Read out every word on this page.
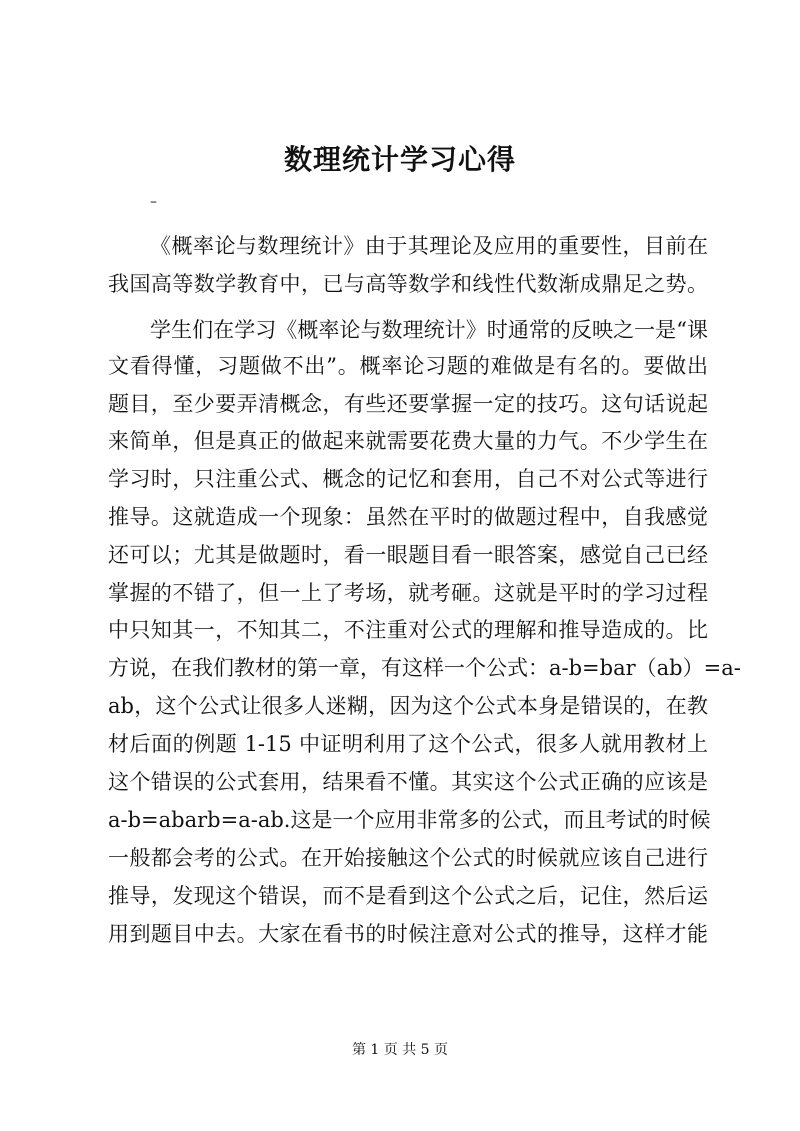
数理统计学习心得
–
《概率论与数理统计》由于其理论及应用的重要性，目前在
我国高等数学教育中，已与高等数学和线性代数渐成鼎足之势。
学生们在学习《概率论与数理统计》时通常的反映之一是“课
文看得懂，习题做不出”。概率论习题的难做是有名的。要做出
题目，至少要弄清概念，有些还要掌握一定的技巧。这句话说起
来简单，但是真正的做起来就需要花费大量的力气。不少学生在
学习时，只注重公式、概念的记忆和套用，自己不对公式等进行
推导。这就造成一个现象：虽然在平时的做题过程中，自我感觉
还可以；尤其是做题时，看一眼题目看一眼答案，感觉自己已经
掌握的不错了，但一上了考场，就考砸。这就是平时的学习过程
中只知其一，不知其二，不注重对公式的理解和推导造成的。比
方说，在我们教材的第一章，有这样一个公式：a-b=bar（ab）=a-
ab，这个公式让很多人迷糊，因为这个公式本身是错误的，在教
材后面的例题 1-15 中证明利用了这个公式，很多人就用教材上
这个错误的公式套用，结果看不懂。其实这个公式正确的应该是
a-b=abarb=a-ab.这是一个应用非常多的公式，而且考试的时候
一般都会考的公式。在开始接触这个公式的时候就应该自己进行
推导，发现这个错误，而不是看到这个公式之后，记住，然后运
用到题目中去。大家在看书的时候注意对公式的推导，这样才能
第 1 页 共 5 页
